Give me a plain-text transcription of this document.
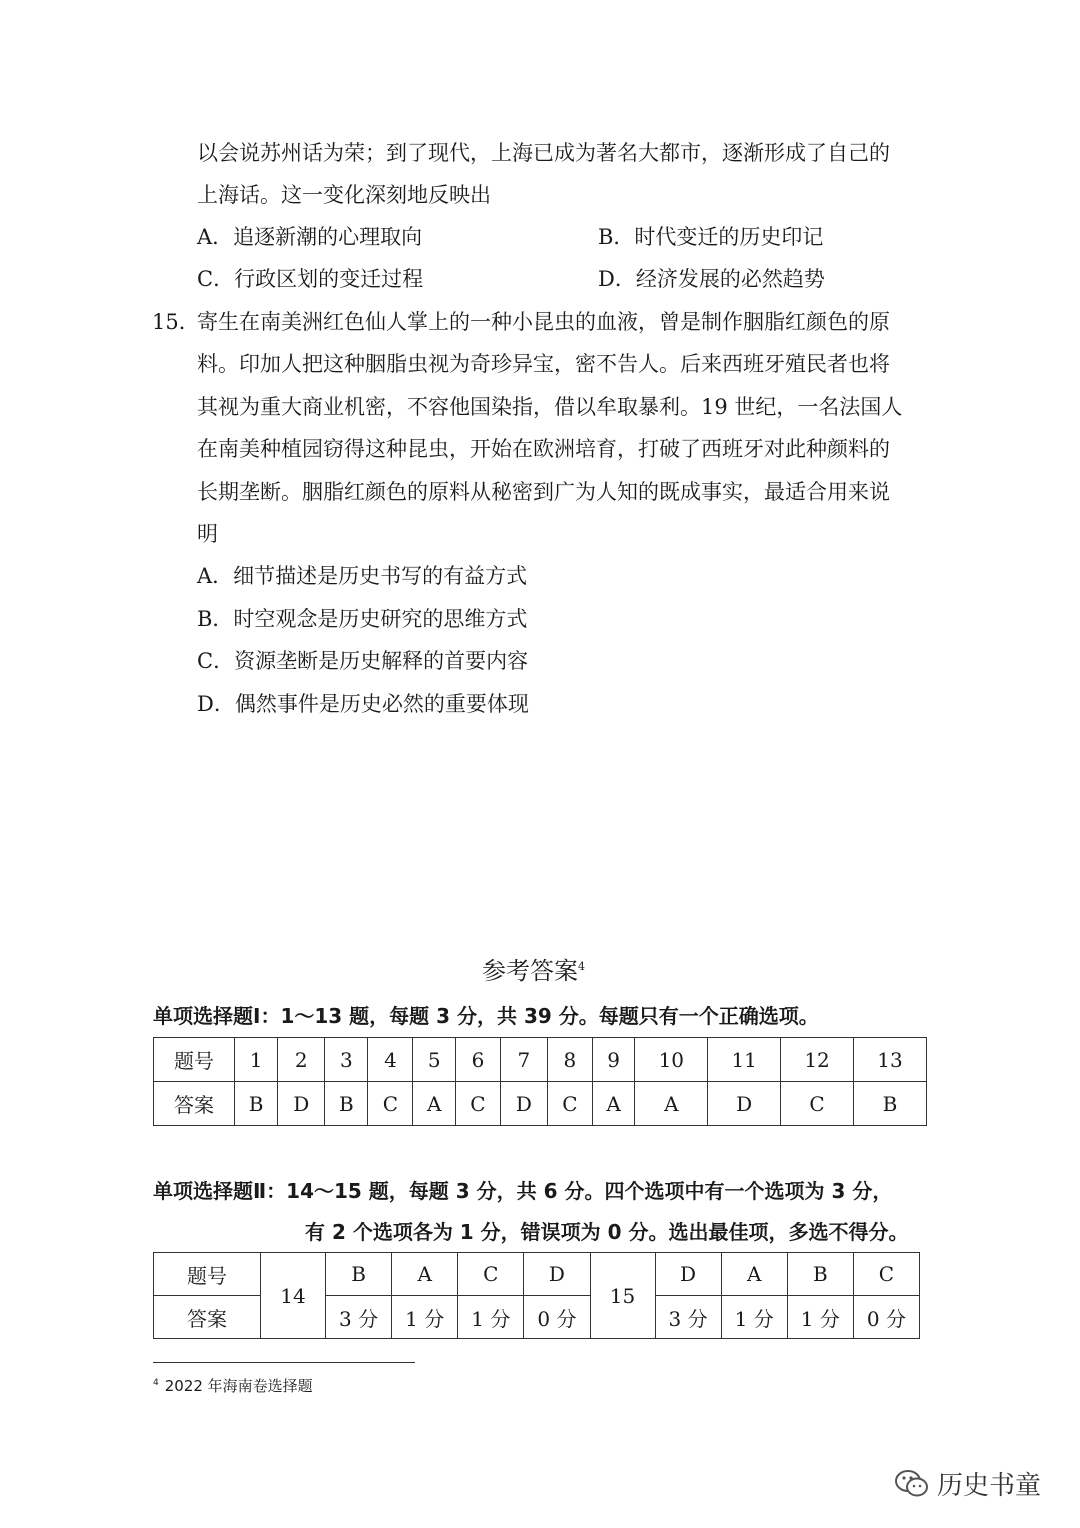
以会说苏州话为荣；到了现代，上海已成为著名大都市，逐渐形成了自己的
上海话。这一变化深刻地反映出
A．追逐新潮的心理取向	B．时代变迁的历史印记
C．行政区划的变迁过程	D．经济发展的必然趋势
15．
寄生在南美洲红色仙人掌上的一种小昆虫的血液，曾是制作胭脂红颜色的原
料。印加人把这种胭脂虫视为奇珍异宝，密不告人。后来西班牙殖民者也将
其视为重大商业机密，不容他国染指，借以牟取暴利。19 世纪，一名法国人
在南美种植园窃得这种昆虫，开始在欧洲培育，打破了西班牙对此种颜料的
长期垄断。胭脂红颜色的原料从秘密到广为人知的既成事实，最适合用来说
明
A．细节描述是历史书写的有益方式
B．时空观念是历史研究的思维方式
C．资源垄断是历史解释的首要内容
D．偶然事件是历史必然的重要体现
参考答案$^4$
单项选择题Ⅰ：1～13 题，每题 3 分，共 39 分。每题只有一个正确选项。
题号	1	2	3	4	5	6	7	8	9	10	11	12	13
答案	B	D	B	C	A	C	D	C	A	A	D	C	B
单项选择题Ⅱ：14～15 题，每题 3 分，共 6 分。四个选项中有一个选项为 3 分，
有 2 个选项各为 1 分，错误项为 0 分。选出最佳项，多选不得分。
题号	14	B	A	C	D	15	D	A	B	C
答案		3 分	1 分	1 分	0 分		3 分	1 分	1 分	0 分
$^4$ 2022 年海南卷选择题
历史书童
